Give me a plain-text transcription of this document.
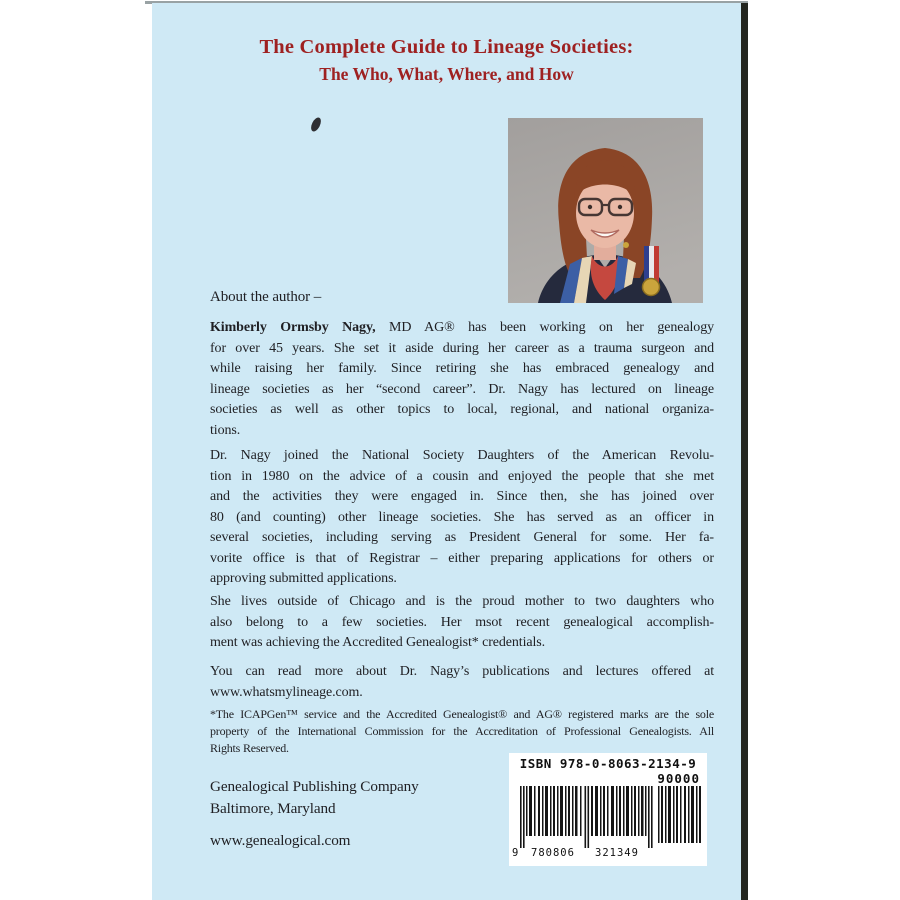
The Complete Guide to Lineage Societies:
The Who, What, Where, and How
About the author –
Kimberly Ormsby Nagy, MD AG® has been working on her genealogy
for over 45 years. She set it aside during her career as a trauma surgeon and
while raising her family. Since retiring she has embraced genealogy and
lineage societies as her “second career”. Dr. Nagy has lectured on lineage
societies as well as other topics to local, regional, and national organiza-
tions.
Dr. Nagy joined the National Society Daughters of the American Revolu-
tion in 1980 on the advice of a cousin and enjoyed the people that she met
and the activities they were engaged in. Since then, she has joined over
80 (and counting) other lineage societies. She has served as an officer in
several societies, including serving as President General for some. Her fa-
vorite office is that of Registrar – either preparing applications for others or
approving submitted applications.
She lives outside of Chicago and is the proud mother to two daughters who
also belong to a few societies. Her msot recent genealogical accomplish-
ment was achieving the Accredited Genealogist* credentials.
You can read more about Dr. Nagy’s publications and lectures offered at
www.whatsmylineage.com.
*The ICAPGen™ service and the Accredited Genealogist® and AG® registered marks are the sole
property of the International Commission for the Accreditation of Professional Genealogists. All
Rights Reserved.
Genealogical Publishing Company
Baltimore, Maryland
www.genealogical.com
ISBN 978-0-8063-2134-9
90000
9 780806 321349
